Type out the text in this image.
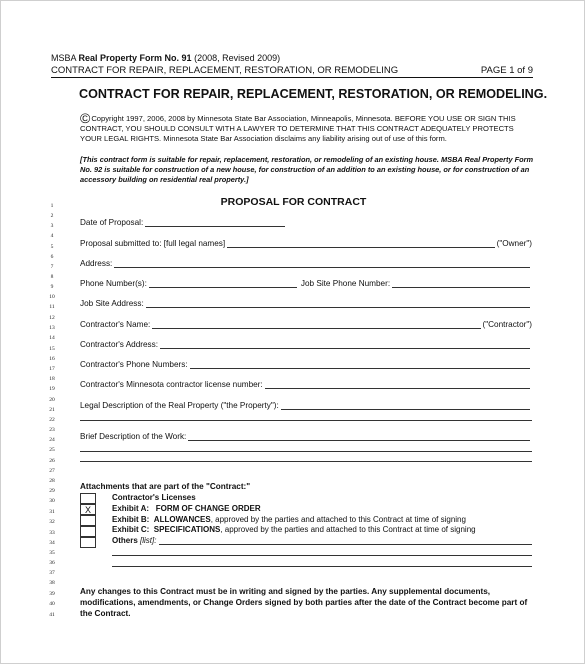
MSBA Real Property Form No. 91 (2008, Revised 2009)
CONTRACT FOR REPAIR, REPLACEMENT, RESTORATION, OR REMODELING	PAGE 1 of 9
CONTRACT FOR REPAIR, REPLACEMENT, RESTORATION, OR REMODELING.
©Copyright 1997, 2006, 2008 by Minnesota State Bar Association, Minneapolis, Minnesota. BEFORE YOU USE OR SIGN THIS CONTRACT, YOU SHOULD CONSULT WITH A LAWYER TO DETERMINE THAT THIS CONTRACT ADEQUATELY PROTECTS YOUR LEGAL RIGHTS. Minnesota State Bar Association disclaims any liability arising out of use of this form.
[This contract form is suitable for repair, replacement, restoration, or remodeling of an existing house. MSBA Real Property Form No. 92 is suitable for construction of a new house, for construction of an addition to an existing house, or for construction of an accessory building on residential real property.]
PROPOSAL FOR CONTRACT
1
2
3
4
5
6
7
8
9
10
11
12
13
14
15
16
17
18
19
20
21
22
23
24
25
26
27
28
29
30
31
32
33
34
35
36
37
38
39
40
41
Date of Proposal:
Proposal submitted to: [full legal names]	("Owner")
Address:
Phone Number(s):	Job Site Phone Number:
Job Site Address:
Contractor's Name:	("Contractor")
Contractor's Address:
Contractor's Phone Numbers:
Contractor's Minnesota contractor license number:
Legal Description of the Real Property ("the Property"):
Brief Description of the Work:
Attachments that are part of the "Contract:"
Contractor's Licenses
X	Exhibit A: FORM OF CHANGE ORDER
Exhibit B: ALLOWANCES, approved by the parties and attached to this Contract at time of signing
Exhibit C: SPECIFICATIONS, approved by the parties and attached to this Contract at time of signing
Others
[list]:
Any changes to this Contract must be in writing and signed by the parties. Any supplemental documents, modifications, amendments, or Change Orders signed by both parties after the date of the Contract become part of the Contract.
